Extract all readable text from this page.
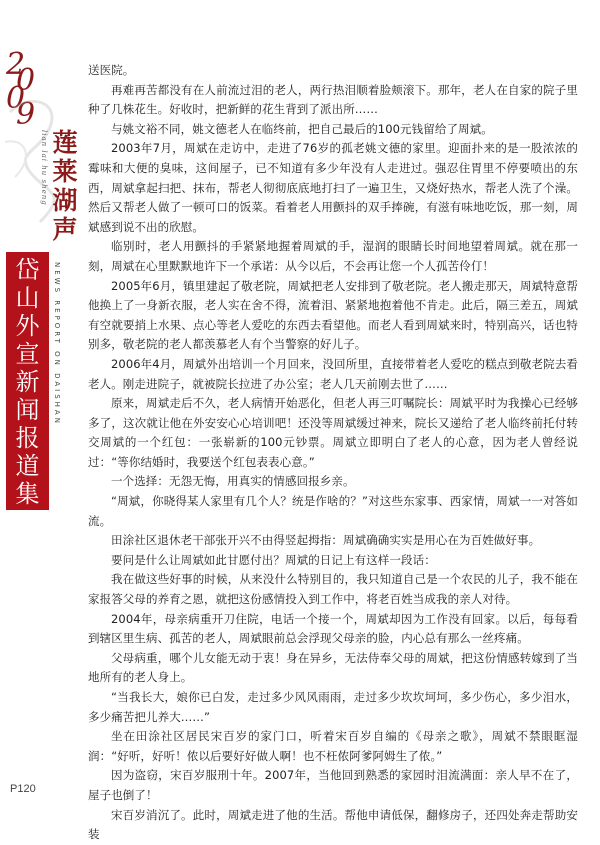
2
0
0
9
lian lai hu sheng 莲
莱
湖
声
岱
山
外
宣
新
闻
报
道
集
NEWS REPORT ON DAISHAN

送医院。

再难再苦都没有在人前流过泪的老人，两行热泪顺着脸颊滚下。那年，老人在自家的院子里种了几株花生。好收时，把新鲜的花生背到了派出所……

与姚文裕不同，姚文德老人在临终前，把自己最后的100元钱留给了周斌。

2003年7月，周斌在走访中，走进了76岁的孤老姚文德的家里。迎面扑来的是一股浓浓的霉味和大便的臭味，这间屋子，已不知道有多少年没有人走进过。强忍住胃里不停要喷出的东西，周斌拿起扫把、抹布，帮老人彻彻底底地打扫了一遍卫生，又烧好热水，帮老人洗了个澡。然后又帮老人做了一顿可口的饭菜。看着老人用颤抖的双手捧碗，有滋有味地吃饭，那一刻，周斌感到说不出的欣慰。

临别时，老人用颤抖的手紧紧地握着周斌的手，湿润的眼睛长时间地望着周斌。就在那一刻，周斌在心里默默地许下一个承诺：从今以后，不会再让您一个人孤苦伶仃！

2005年6月，镇里建起了敬老院，周斌把老人安排到了敬老院。老人搬走那天，周斌特意帮他换上了一身新衣服，老人实在舍不得，流着泪、紧紧地抱着他不肯走。此后，隔三差五，周斌有空就要捎上水果、点心等老人爱吃的东西去看望他。而老人看到周斌来时，特别高兴，话也特别多，敬老院的老人都羡慕老人有个当警察的好儿子。

2006年4月，周斌外出培训一个月回来，没回所里，直接带着老人爱吃的糕点到敬老院去看老人。刚走进院子，就被院长拉进了办公室；老人几天前刚去世了……

原来，周斌走后不久，老人病情开始恶化，但老人再三叮嘱院长：周斌平时为我操心已经够多了，这次就让他在外安安心心培训吧！还没等周斌缓过神来，院长又递给了老人临终前托付转交周斌的一个红包：一张崭新的100元钞票。周斌立即明白了老人的心意，因为老人曾经说过：“等你结婚时，我要送个红包表表心意。”

一个选择：无怨无悔，用真实的情感回报乡亲。

“周斌，你晓得某人家里有几个人？统是作啥的？”对这些东家事、西家情，周斌一一对答如流。

田涂社区退休老干部张开兴不由得竖起拇指：周斌确确实实是用心在为百姓做好事。

要问是什么让周斌如此甘愿付出？周斌的日记上有这样一段话：

我在做这些好事的时候，从来没什么特别目的，我只知道自己是一个农民的儿子，我不能在家报答父母的养育之恩，就把这份感情投入到工作中，将老百姓当成我的亲人对待。

2004年，母亲病重开刀住院，电话一个接一个，周斌却因为工作没有回家。以后，每每看到辖区里生病、孤苦的老人，周斌眼前总会浮现父母亲的脸，内心总有那么一丝疼痛。

父母病重，哪个儿女能无动于衷！身在异乡，无法侍奉父母的周斌，把这份情感转嫁到了当地所有的老人身上。

“当我长大，娘你已白发，走过多少风风雨雨，走过多少坎坎坷坷，多少伤心，多少泪水，多少痛苦把儿养大……”

坐在田涂社区居民宋百岁的家门口，听着宋百岁自编的《母亲之歌》，周斌不禁眼眶湿润：“好听，好听！侬以后要好好做人啊！也不枉侬阿爹阿姆生了侬。”

因为盗窃，宋百岁服刑十年。2007年，当他回到熟悉的家园时泪流满面：亲人早不在了，屋子也倒了！

宋百岁消沉了。此时，周斌走进了他的生活。帮他申请低保，翻修房子，还四处奔走帮助安装

P120
